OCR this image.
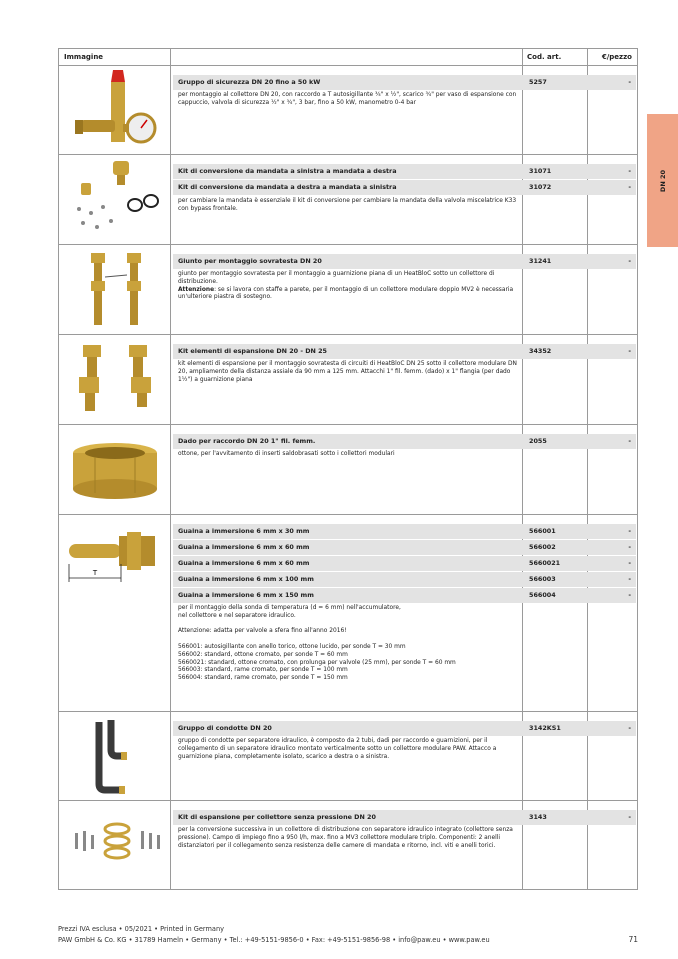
Immagine	Cod. art.	€/pezzo
Gruppo di sicurezza DN 20 fino a 50 kW	5257	-
per montaggio al collettore DN 20, con raccordo a T autosigillante ¾" x ½", scarico ¾" per vaso di espansione con cappuccio, valvola di sicurezza ½" x ¾", 3 bar, fino a 50 kW, manometro 0-4 bar
Kit di conversione da mandata a sinistra a mandata a destra	31071	-
Kit di conversione da mandata a destra a mandata a sinistra	31072	-
per cambiare la mandata è essenziale il kit di conversione per cambiare la mandata della valvola miscelatrice K33 con bypass frontale.
Giunto per montaggio sovratesta DN 20	31241	-
giunto per montaggio sovratesta per il montaggio a guarnizione piana di un HeatBloC sotto un collettore di distribuzione.
Attenzione: se si lavora con staffe a parete, per il montaggio di un collettore modulare doppio MV2 è necessaria un'ulteriore piastra di sostegno.
Kit elementi di espansione DN 20 - DN 25	34352	-
kit elementi di espansione per il montaggio sovratesta di circuiti di HeatBloC DN 25 sotto il collettore modulare DN 20, ampliamento della distanza assiale da 90 mm a 125 mm. Attacchi 1" fil. femm. (dado) x 1" flangia (per dado 1½") a guarnizione piana
Dado per raccordo DN 20 1" fil. femm.	2055	-
ottone, per l'avvitamento di inserti saldobrasati sotto i collettori modulari
T
Guaina a immersione 6 mm x 30 mm	566001	-
Guaina a immersione 6 mm x 60 mm	566002	-
Guaina a immersione 6 mm x 60 mm	5660021	-
Guaina a immersione 6 mm x 100 mm	566003	-
Guaina a immersione 6 mm x 150 mm	566004	-
per il montaggio della sonda di temperatura (d = 6 mm) nell'accumulatore,
nel collettore e nel separatore idraulico.

Attenzione: adatta per valvole a sfera fino all'anno 2016!

566001: autosigillante con anello torico, ottone lucido, per sonde T = 30 mm
566002: standard, ottone cromato, per sonde T = 60 mm
5660021: standard, ottone cromato, con prolunga per valvole (25 mm), per sonde T = 60 mm
566003: standard, rame cromato, per sonde T = 100 mm
566004: standard, rame cromato, per sonde T = 150 mm
Gruppo di condotte DN 20	3142KS1	-
gruppo di condotte per separatore idraulico, è composto da 2 tubi, dadi per raccordo e guarnizioni, per il collegamento di un separatore idraulico montato verticalmente sotto un collettore modulare PAW. Attacco a guarnizione piana, completamente isolato, scarico a destra o a sinistra.
Kit di espansione per collettore senza pressione DN 20	3143	-
per la conversione successiva in un collettore di distribuzione con separatore idraulico integrato (collettore senza pressione). Campo di impiego fino a 950 l/h, max. fino a MV3 collettore modulare triplo. Componenti: 2 anelli distanziatori per il collegamento senza resistenza delle camere di mandata e ritorno, incl. viti e anelli torici.
DN 20
Prezzi IVA esclusa • 05/2021 • Printed in Germany
PAW GmbH & Co. KG • 31789 Hameln • Germany • Tel.: +49-5151-9856-0 • Fax: +49-5151-9856-98 • info@paw.eu • www.paw.eu	71
